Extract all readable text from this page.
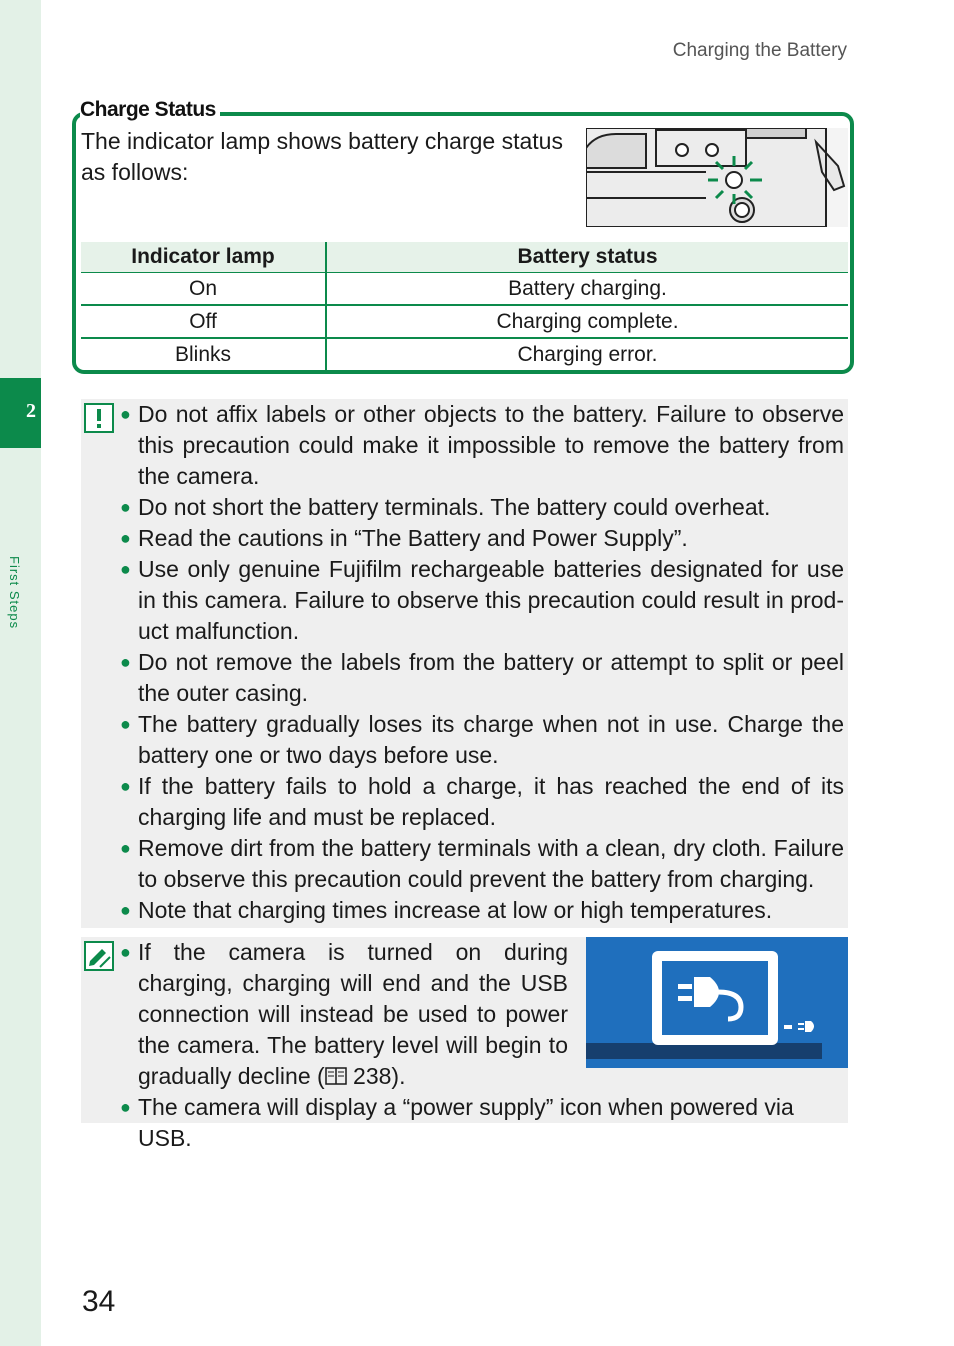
2
First Steps
Charging the Battery
Charge Status
The indicator lamp shows battery charge status as follows:
Indicator lamp	Battery status
On	Battery charging.
Off	Charging complete.
Blinks	Charging error.
● Do not affix labels or other objects to the battery. Failure to observe this precaution could make it impossible to remove the battery from the camera.
● Do not short the battery terminals. The battery could overheat.
● Read the cautions in “The Battery and Power Supply”.
● Use only genuine Fujifilm rechargeable batteries designated for use in this camera. Failure to observe this precaution could result in prod-uct malfunction.
● Do not remove the labels from the battery or attempt to split or peel the outer casing.
● The battery gradually loses its charge when not in use. Charge the battery one or two days before use.
● If the battery fails to hold a charge, it has reached the end of its charging life and must be replaced.
● Remove dirt from the battery terminals with a clean, dry cloth. Failure to observe this precaution could prevent the battery from charging.
● Note that charging times increase at low or high temperatures.
● If the camera is turned on during charging, charging will end and the USB connection will instead be used to power the camera. The battery level will begin to gradually decline ( 238).
● The camera will display a “power supply” icon when powered via USB.
34
